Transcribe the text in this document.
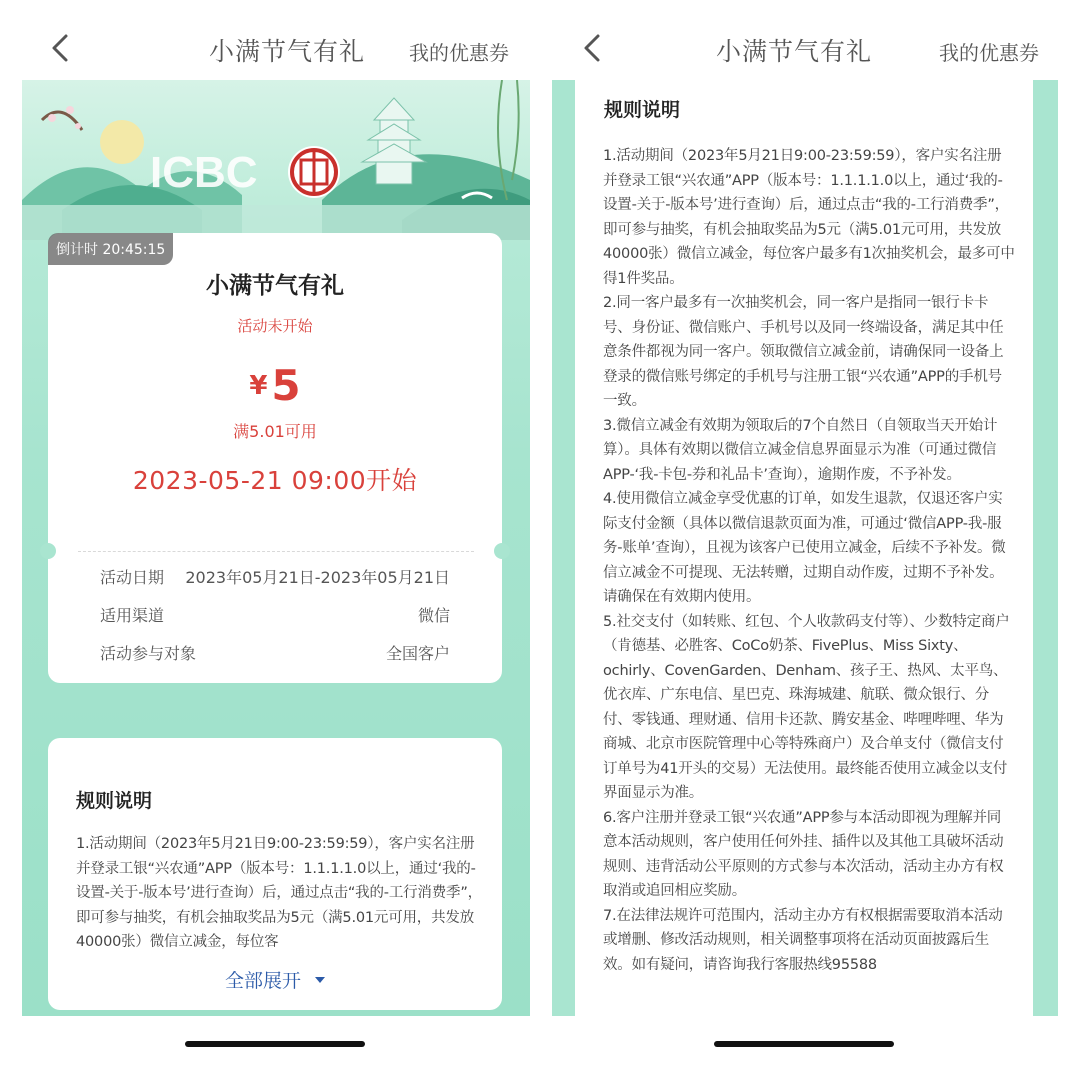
小满节气有礼	我的优惠券
ICBC
小满节气有礼
活动未开始
¥5
满5.01可用
2023-05-21 09:00开始
活动日期 2023年05月21日-2023年05月21日
适用渠道	微信
活动参与对象	全国客户
倒计时 20:45:15
规则说明
1.活动期间（2023年5月21日9:00-23:59:59），客户实名注册并登录工银“兴农通”APP（版本号：1.1.1.1.0以上，通过‘我的-设置-关于-版本号’进行查询）后，通过点击“我的-工行消费季”，即可参与抽奖，有机会抽取奖品为5元（满5.01元可用，共发放40000张）微信立减金，每位客
全部展开
小满节气有礼	我的优惠券
规则说明

1.活动期间（2023年5月21日9:00-23:59:59），客户实名注册并登录工银“兴农通”APP（版本号：1.1.1.1.0以上，通过‘我的-设置-关于-版本号’进行查询）后，通过点击“我的-工行消费季”，即可参与抽奖，有机会抽取奖品为5元（满5.01元可用，共发放40000张）微信立减金，每位客户最多有1次抽奖机会，最多可中得1件奖品。

2.同一客户最多有一次抽奖机会，同一客户是指同一银行卡卡号、身份证、微信账户、手机号以及同一终端设备，满足其中任意条件都视为同一客户。领取微信立减金前，请确保同一设备上登录的微信账号绑定的手机号与注册工银“兴农通”APP的手机号一致。

3.微信立减金有效期为领取后的7个自然日（自领取当天开始计算）。具体有效期以微信立减金信息界面显示为准（可通过微信APP-‘我-卡包-券和礼品卡’查询），逾期作废，不予补发。

4.使用微信立减金享受优惠的订单，如发生退款，仅退还客户实际支付金额（具体以微信退款页面为准，可通过‘微信APP-我-服务-账单’查询），且视为该客户已使用立减金，后续不予补发。微信立减金不可提现、无法转赠，过期自动作废，过期不予补发。请确保在有效期内使用。

5.社交支付（如转账、红包、个人收款码支付等）、少数特定商户（肯德基、必胜客、CoCo奶茶、FivePlus、Miss Sixty、ochirly、CovenGarden、Denham、孩子王、热风、太平鸟、优衣库、广东电信、星巴克、珠海城建、航联、微众银行、分付、零钱通、理财通、信用卡还款、腾安基金、哔哩哔哩、华为商城、北京市医院管理中心等特殊商户）及合单支付（微信支付订单号为41开头的交易）无法使用。最终能否使用立减金以支付界面显示为准。

6.客户注册并登录工银“兴农通”APP参与本活动即视为理解并同意本活动规则，客户使用任何外挂、插件以及其他工具破坏活动规则、违背活动公平原则的方式参与本次活动，活动主办方有权取消或追回相应奖励。

7.在法律法规许可范围内，活动主办方有权根据需要取消本活动或增删、修改活动规则，相关调整事项将在活动页面披露后生效。如有疑问，请咨询我行客服热线95588
